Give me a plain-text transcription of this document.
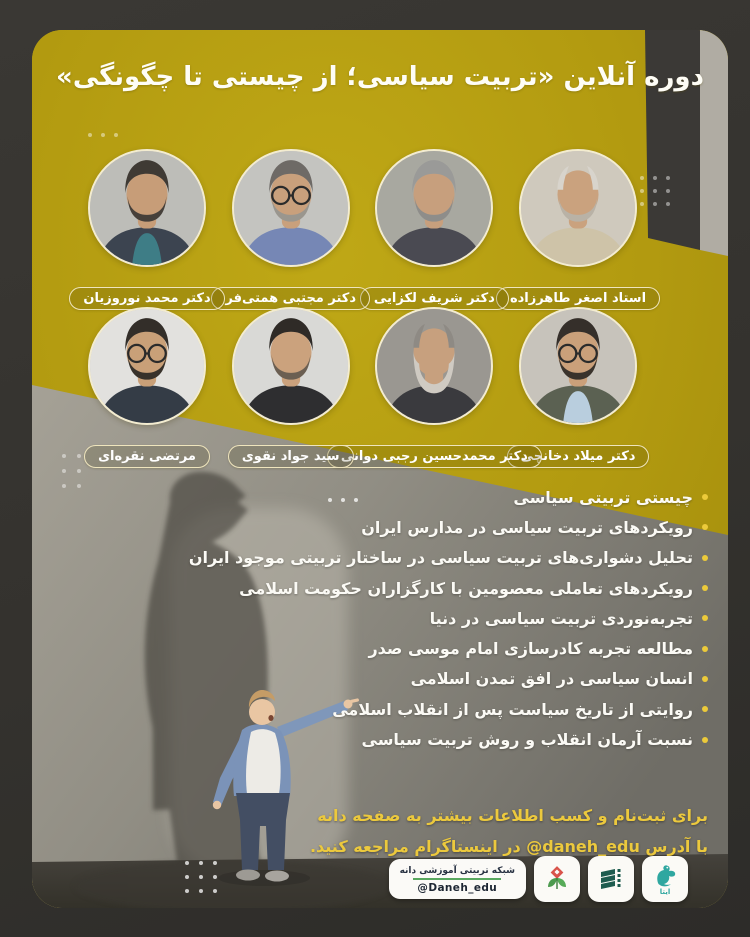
دوره آنلاین «تربیت سیاسی؛ از چیستی تا چگونگی»
استاد اصغر طاهرزاده
دکتر شریف لکزایی
دکتر مجتبی همتی‌فر
دکتر محمد نوروزیان
دکتر میلاد دخانچی
دکتر محمدحسین رجبی دوانی
سید جواد نقوی
مرتضی نقره‌ای
چیستی تربیتی سیاسی
رویکردهای تربیت سیاسی در مدارس ایران
تحلیل دشواری‌های تربیت سیاسی در ساختار تربیتی موجود ایران
رویکردهای تعاملی معصومین با کارگزاران حکومت اسلامی
تجربه‌نوردی تربیت سیاسی در دنیا
مطالعه تجربه کادرسازی امام موسی صدر
انسان سیاسی در افق تمدن اسلامی
روایتی از تاریخ سیاست پس از انقلاب اسلامی
نسبت آرمان انقلاب و روش تربیت سیاسی
برای ثبت‌نام و کسب اطلاعات بیشتر به صفحه دانه
با آدرس @daneh_edu در اینستاگرام مراجعه کنید.
ایتا
شبکه تربیتی آموزشی دانه
@Daneh_edu
